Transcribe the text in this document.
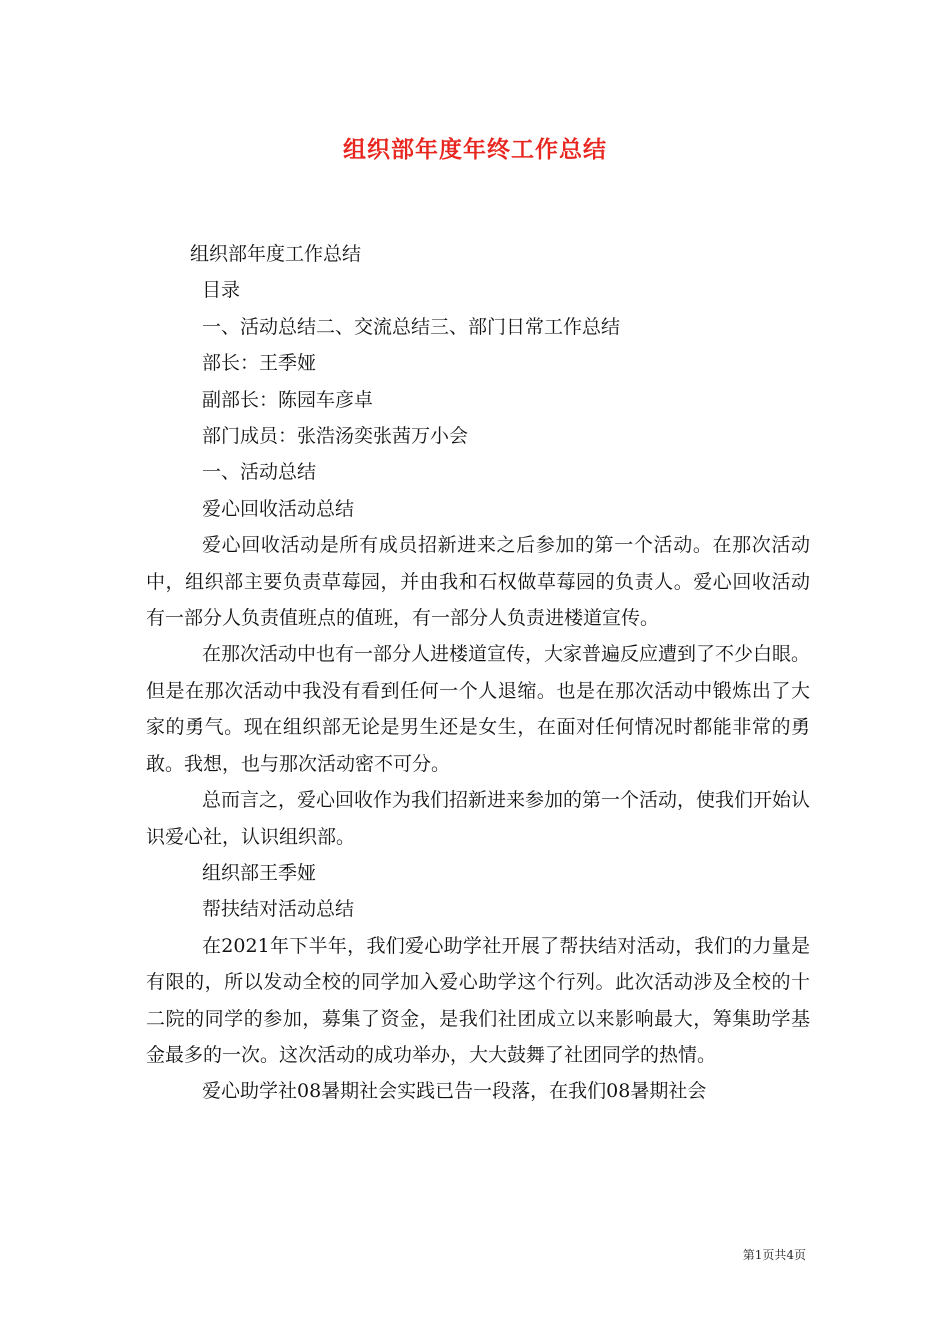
组织部年度年终工作总结

组织部年度工作总结

目录

一、活动总结二、交流总结三、部门日常工作总结

部长：王季娅

副部长：陈园车彦卓

部门成员：张浩汤奕张茜万小会

一、活动总结

爱心回收活动总结

爱心回收活动是所有成员招新进来之后参加的第一个活动。在那次活动中，组织部主要负责草莓园，并由我和石权做草莓园的负责人。爱心回收活动有一部分人负责值班点的值班，有一部分人负责进楼道宣传。

在那次活动中也有一部分人进楼道宣传，大家普遍反应遭到了不少白眼。但是在那次活动中我没有看到任何一个人退缩。也是在那次活动中锻炼出了大家的勇气。现在组织部无论是男生还是女生，在面对任何情况时都能非常的勇敢。我想，也与那次活动密不可分。

总而言之，爱心回收作为我们招新进来参加的第一个活动，使我们开始认识爱心社，认识组织部。

组织部王季娅

帮扶结对活动总结

在2021年下半年，我们爱心助学社开展了帮扶结对活动，我们的力量是有限的，所以发动全校的同学加入爱心助学这个行列。此次活动涉及全校的十二院的同学的参加，募集了资金，是我们社团成立以来影响最大，筹集助学基金最多的一次。这次活动的成功举办，大大鼓舞了社团同学的热情。

爱心助学社08暑期社会实践已告一段落，在我们08暑期社会

第1页共4页
